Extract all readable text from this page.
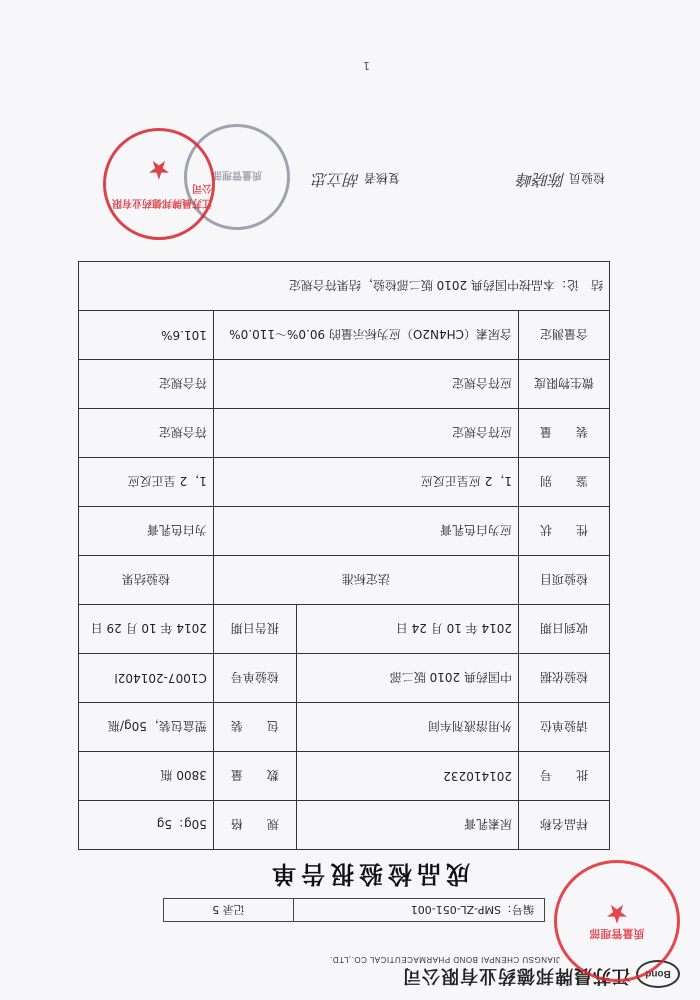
Bond
江苏晨牌邦德药业有限公司
JIANGSU CHENPAI BOND PHARMACEUTICAL CO.,LTD.
编号：SMP-ZL-051-001
记录 5
成品检验报告单
样品名称	尿素乳膏	规　　格	50g：5g
批　　号	201410232	数　　量	3800 瓶
请验单位	外用溶液剂车间	包　　装	塑盒包装，50g/瓶
检验依据	中国药典 2010 版二部	检验单号	C1007-201402l
收到日期	2014 年 10 月 24 日	报告日期	2014 年 10 月 29 日
检验项目	法定标准		检验结果
性　　状	应为白色乳膏		为白色乳膏
鉴　　别	1，2 应呈正反应		1，2 呈正反应
装　　量	应符合规定		符合规定
微生物限度	应符合规定		符合规定
含量测定	含尿素（CH4N2O）应为标示量的 90.0%～110.0%		101.6%
结　论：本品按中国药典 2010 版二部检验，结果符合规定			
检验员 陈晓峰
复核者 胡立忠
质量管理部
江苏晨牌邦德药业有限公司
★
质量管理部
★
1
